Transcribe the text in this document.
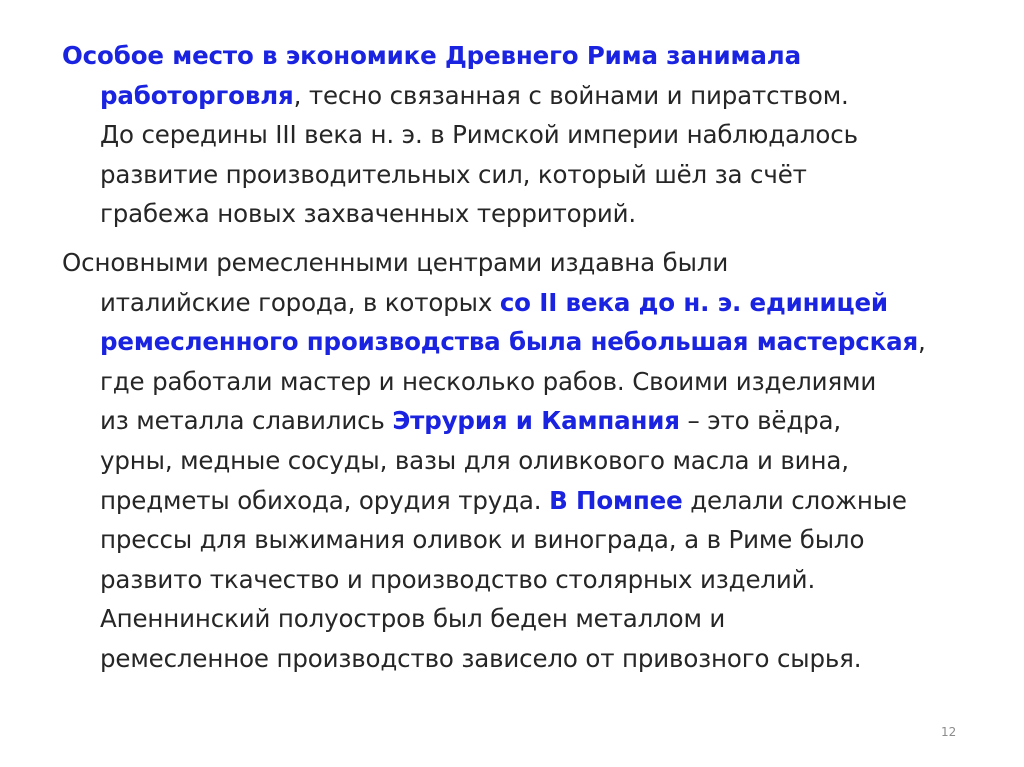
Особое место в экономике Древнего Рима занимала
работорговля, тесно связанная с войнами и пиратством.
До середины III века н. э. в Римской империи наблюдалось
развитие производительных сил, который шёл за счёт
грабежа новых захваченных территорий.

Основными ремесленными центрами издавна были
италийские города, в которых со II века до н. э. единицей
ремесленного производства была небольшая мастерская,
где работали мастер и несколько рабов. Своими изделиями
из металла славились Этрурия и Кампания – это вёдра,
урны, медные сосуды, вазы для оливкового масла и вина,
предметы обихода, орудия труда. В Помпее делали сложные
прессы для выжимания оливок и винограда, а в Риме было
развито ткачество и производство столярных изделий.
Апеннинский полуостров был беден металлом и
ремесленное производство зависело от привозного сырья.

12
